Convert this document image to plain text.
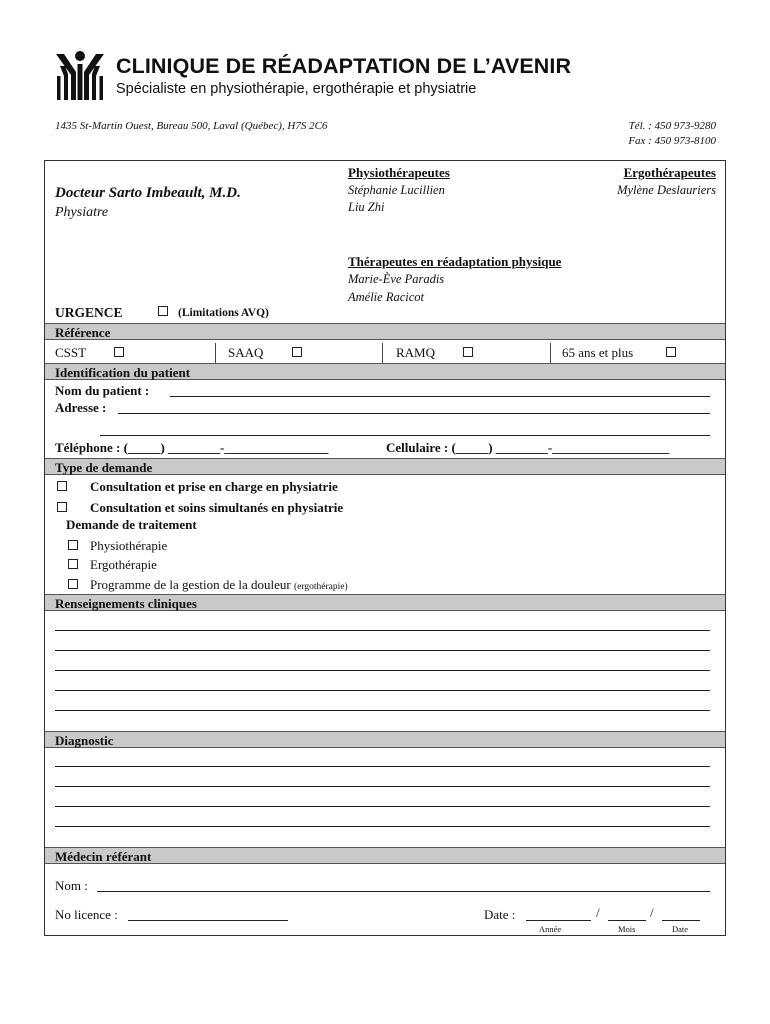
CLINIQUE DE RÉADAPTATION DE L’AVENIR
Spécialiste en physiothérapie, ergothérapie et physiatrie
1435 St-Martin Ouest, Bureau 500, Laval (Québec), H7S 2C6	Tél. : 450 973-9280
Fax : 450 973-8100
Docteur Sarto Imbeault, M.D.
Physiatre
Physiothérapeutes
Stéphanie Lucillien
Liu Zhi
Ergothérapeutes
Mylène Deslauriers
Thérapeutes en réadaptation physique
Marie-Ève Paradis
Amélie Racicot
URGENCE	(Limitations AVQ)
Référence
CSST	SAAQ	RAMQ	65 ans et plus
Identification du patient
Nom du patient :
Adresse :
Téléphone : (_____) ________-________________	Cellulaire : (_____) ________-__________________
Type de demande
Consultation et prise en charge en physiatrie
Consultation et soins simultanés en physiatrie
Demande de traitement
Physiothérapie
Ergothérapie
Programme de la gestion de la douleur (ergothérapie)
Renseignements cliniques
Diagnostic
Médecin référant
Nom :
No licence :	Date :	/	/
Année	Mois	Date
